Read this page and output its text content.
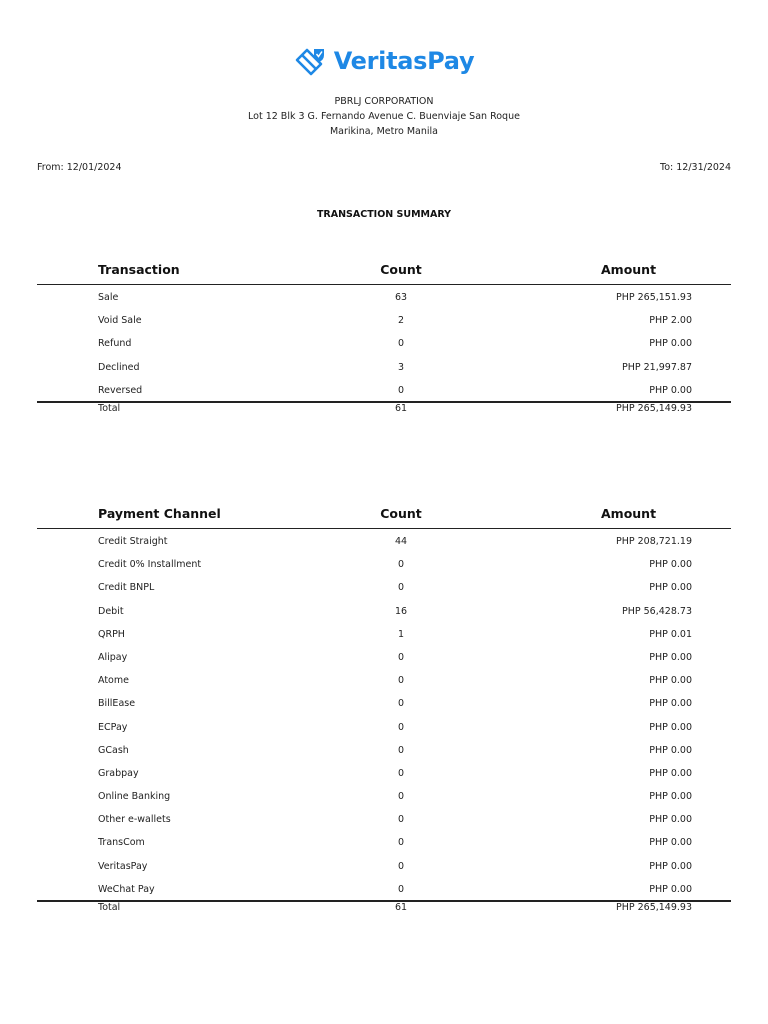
VeritasPay
PBRLJ CORPORATION
Lot 12 Blk 3 G. Fernando Avenue C. Buenviaje San Roque
Marikina, Metro Manila
From: 12/01/2024	To: 12/31/2024
TRANSACTION SUMMARY
Transaction	Count	Amount
Sale	63	PHP 265,151.93
Void Sale	2	PHP 2.00
Refund	0	PHP 0.00
Declined	3	PHP 21,997.87
Reversed	0	PHP 0.00
Total	61	PHP 265,149.93
Payment Channel	Count	Amount
Credit Straight	44	PHP 208,721.19
Credit 0% Installment	0	PHP 0.00
Credit BNPL	0	PHP 0.00
Debit	16	PHP 56,428.73
QRPH	1	PHP 0.01
Alipay	0	PHP 0.00
Atome	0	PHP 0.00
BillEase	0	PHP 0.00
ECPay	0	PHP 0.00
GCash	0	PHP 0.00
Grabpay	0	PHP 0.00
Online Banking	0	PHP 0.00
Other e-wallets	0	PHP 0.00
TransCom	0	PHP 0.00
VeritasPay	0	PHP 0.00
WeChat Pay	0	PHP 0.00
Total	61	PHP 265,149.93
